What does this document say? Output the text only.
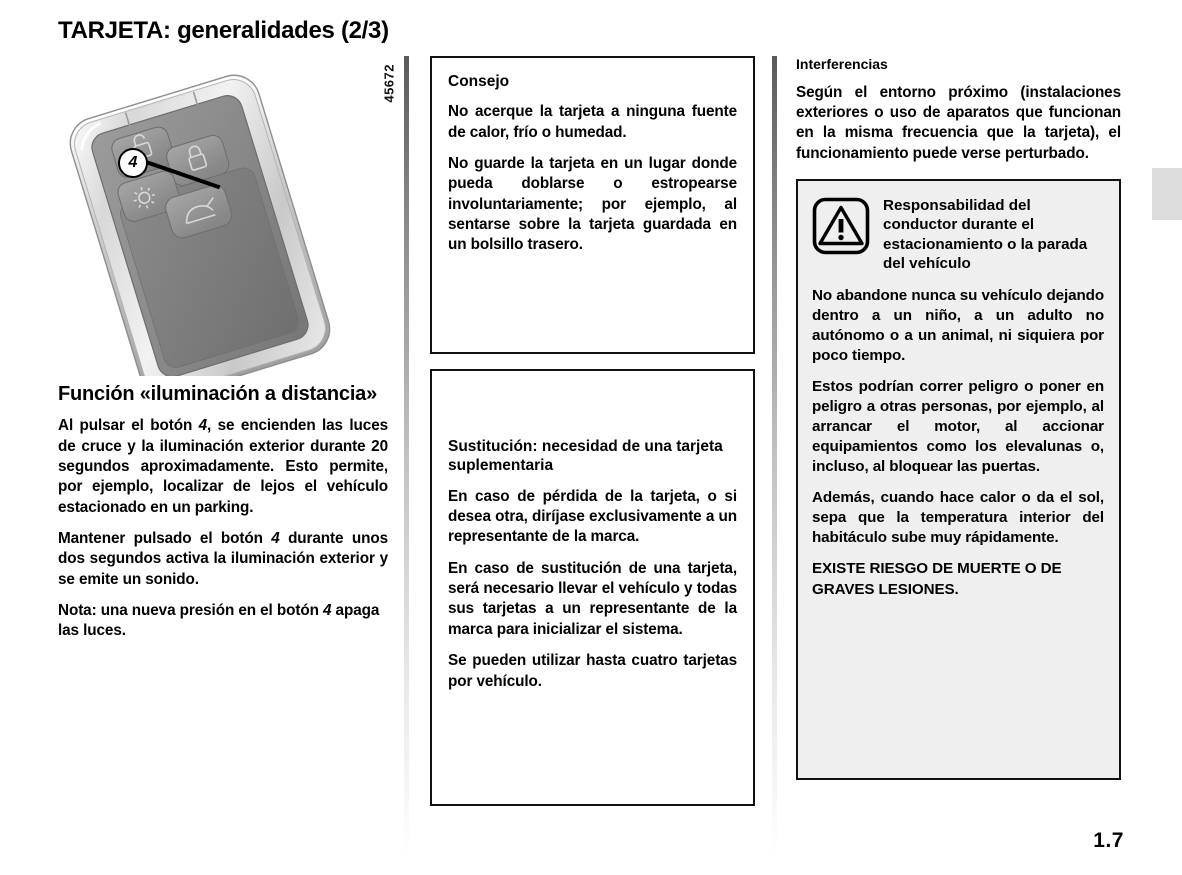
TARJETA: generalidades (2/3)
45672
4
Función «iluminación a distancia»

Al pulsar el botón 4, se encienden las luces de cruce y la iluminación exterior durante 20 segundos aproximadamente. Esto permite, por ejemplo, localizar de lejos el vehículo estacionado en un parking.

Mantener pulsado el botón 4 durante unos dos segundos activa la iluminación exterior y se emite un sonido.

Nota: una nueva presión en el botón 4 apaga las luces.

Consejo

No acerque la tarjeta a ninguna fuente de calor, frío o humedad.

No guarde la tarjeta en un lugar donde pueda doblarse o estropearse involuntariamente; por ejemplo, al sentarse sobre la tarjeta guardada en un bolsillo trasero.

Sustitución: necesidad de una tarjeta suplementaria

En caso de pérdida de la tarjeta, o si desea otra, diríjase exclusivamente a un representante de la marca.

En caso de sustitución de una tarjeta, será necesario llevar el vehículo y todas sus tarjetas a un representante de la marca para inicializar el sistema.

Se pueden utilizar hasta cuatro tarjetas por vehículo.

Interferencias

Según el entorno próximo (instalaciones exteriores o uso de aparatos que funcionan en la misma frecuencia que la tarjeta), el funcionamiento puede verse perturbado.

Responsabilidad del conductor durante el estacionamiento o la parada del vehículo

No abandone nunca su vehículo dejando dentro a un niño, a un adulto no autónomo o a un animal, ni siquiera por poco tiempo.

Estos podrían correr peligro o poner en peligro a otras personas, por ejemplo, al arrancar el motor, al accionar equipamientos como los elevalunas o, incluso, al bloquear las puertas.

Además, cuando hace calor o da el sol, sepa que la temperatura interior del habitáculo sube muy rápidamente.

EXISTE RIESGO DE MUERTE O DE GRAVES LESIONES.

1.7
